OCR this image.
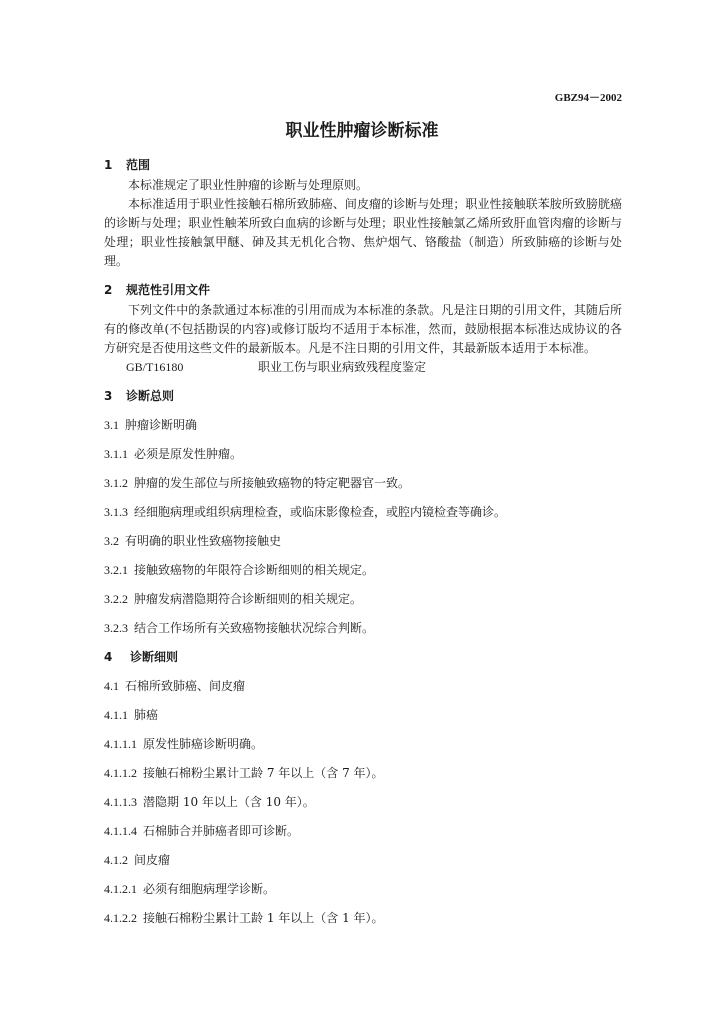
GBZ94－2002
职业性肿瘤诊断标准
1 范围

本标准规定了职业性肿瘤的诊断与处理原则。

本标准适用于职业性接触石棉所致肺癌、间皮瘤的诊断与处理；职业性接触联苯胺所致膀胱癌的诊断与处理；职业性触苯所致白血病的诊断与处理；职业性接触氯乙烯所致肝血管肉瘤的诊断与处理；职业性接触氯甲醚、砷及其无机化合物、焦炉烟气、铬酸盐（制造）所致肺癌的诊断与处理。

2 规范性引用文件

下列文件中的条款通过本标准的引用而成为本标准的条款。凡是注日期的引用文件，其随后所有的修改单(不包括勘误的内容)或修订版均不适用于本标准，然而，鼓励根据本标准达成协议的各方研究是否使用这些文件的最新版本。凡是不注日期的引用文件，其最新版本适用于本标准。

GB/T16180	职业工伤与职业病致残程度鉴定
3 诊断总则

3.1 肿瘤诊断明确

3.1.1 必须是原发性肿瘤。

3.1.2 肿瘤的发生部位与所接触致癌物的特定靶器官一致。

3.1.3 经细胞病理或组织病理检查，或临床影像检查，或腔内镜检查等确诊。

3.2 有明确的职业性致癌物接触史

3.2.1 接触致癌物的年限符合诊断细则的相关规定。

3.2.2 肿瘤发病潜隐期符合诊断细则的相关规定。

3.2.3 结合工作场所有关致癌物接触状况综合判断。

4 诊断细则

4.1 石棉所致肺癌、间皮瘤

4.1.1 肺癌

4.1.1.1 原发性肺癌诊断明确。

4.1.1.2 接触石棉粉尘累计工龄 7 年以上（含 7 年）。

4.1.1.3 潜隐期 10 年以上（含 10 年）。

4.1.1.4 石棉肺合并肺癌者即可诊断。

4.1.2 间皮瘤

4.1.2.1 必须有细胞病理学诊断。

4.1.2.2 接触石棉粉尘累计工龄 1 年以上（含 1 年）。
